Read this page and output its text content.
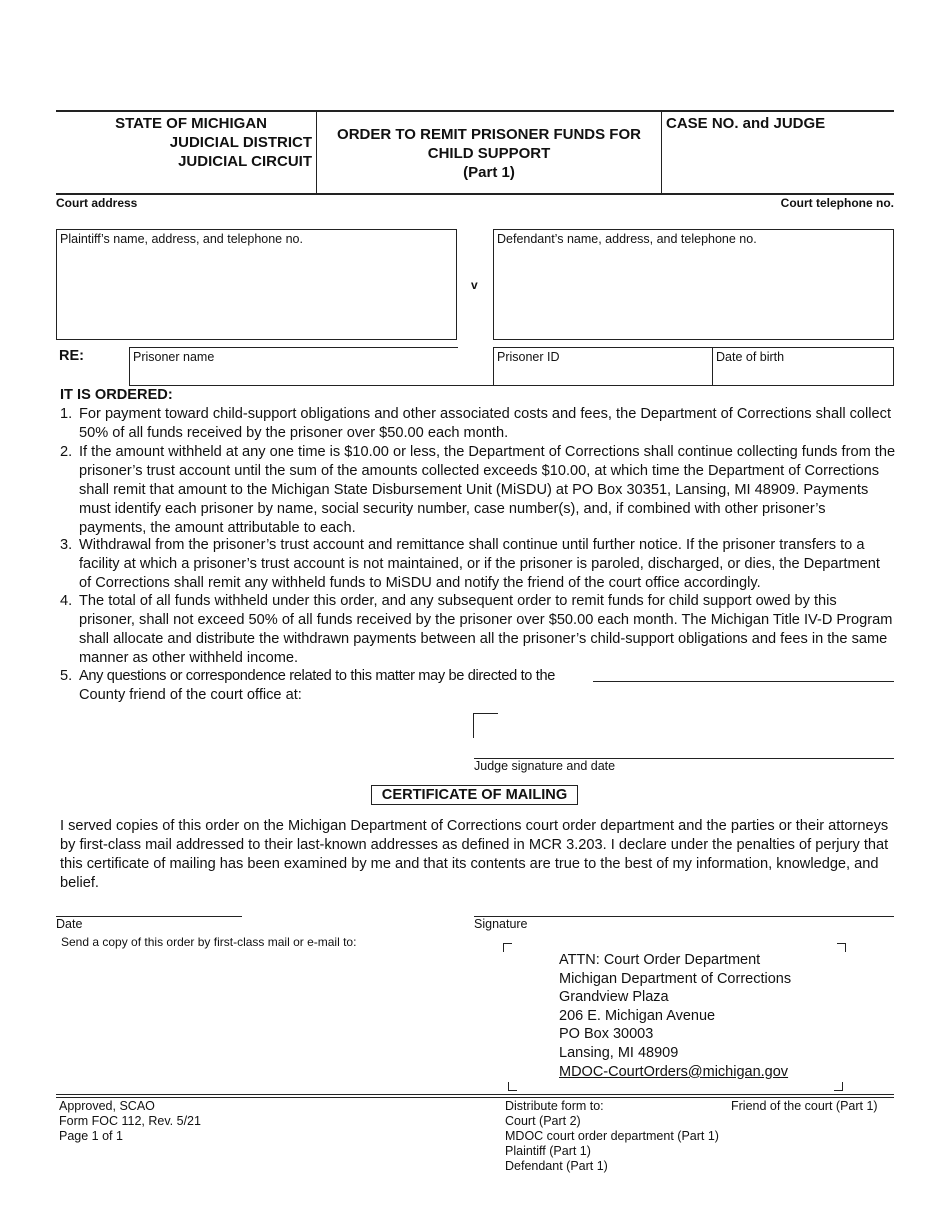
STATE OF MICHIGAN
JUDICIAL DISTRICT
JUDICIAL CIRCUIT
ORDER TO REMIT PRISONER FUNDS FOR
CHILD SUPPORT
(Part 1)
CASE NO. and JUDGE
Court address	Court telephone no.
Plaintiff’s name, address, and telephone no.
v
Defendant’s name, address, and telephone no.
RE:	Prisoner name	Prisoner ID	Date of birth
IT IS ORDERED:
1. For payment toward child-support obligations and other associated costs and fees, the Department of Corrections shall collect 50% of all funds received by the prisoner over $50.00 each month.
2. If the amount withheld at any one time is $10.00 or less, the Department of Corrections shall continue collecting funds from the prisoner’s trust account until the sum of the amounts collected exceeds $10.00, at which time the Department of Corrections shall remit that amount to the Michigan State Disbursement Unit (MiSDU) at PO Box 30351, Lansing, MI 48909. Payments must identify each prisoner by name, social security number, case number(s), and, if combined with other prisoner’s payments, the amount attributable to each.
3. Withdrawal from the prisoner’s trust account and remittance shall continue until further notice. If the prisoner transfers to a facility at which a prisoner’s trust account is not maintained, or if the prisoner is paroled, discharged, or dies, the Department of Corrections shall remit any withheld funds to MiSDU and notify the friend of the court office accordingly.
4. The total of all funds withheld under this order, and any subsequent order to remit funds for child support owed by this prisoner, shall not exceed 50% of all funds received by the prisoner over $50.00 each month. The Michigan Title IV-D Program shall allocate and distribute the withdrawn payments between all the prisoner’s child-support obligations and fees in the same manner as other withheld income.
5. Any questions or correspondence related to this matter may be directed to the
County friend of the court office at:
Judge signature and date
CERTIFICATE OF MAILING
I served copies of this order on the Michigan Department of Corrections court order department and the parties or their attorneys by first-class mail addressed to their last-known addresses as defined in MCR 3.203. I declare under the penalties of perjury that this certificate of mailing has been examined by me and that its contents are true to the best of my information, knowledge, and belief.
Date	Signature
Send a copy of this order by first-class mail or e-mail to:
ATTN: Court Order Department
Michigan Department of Corrections
Grandview Plaza
206 E. Michigan Avenue
PO Box 30003
Lansing, MI 48909
MDOC-CourtOrders@michigan.gov
Approved, SCAO
Form FOC 112, Rev. 5/21
Page 1 of 1
Distribute form to:
Court (Part 2)
MDOC court order department (Part 1)
Plaintiff (Part 1)
Defendant (Part 1)
Friend of the court (Part 1)
